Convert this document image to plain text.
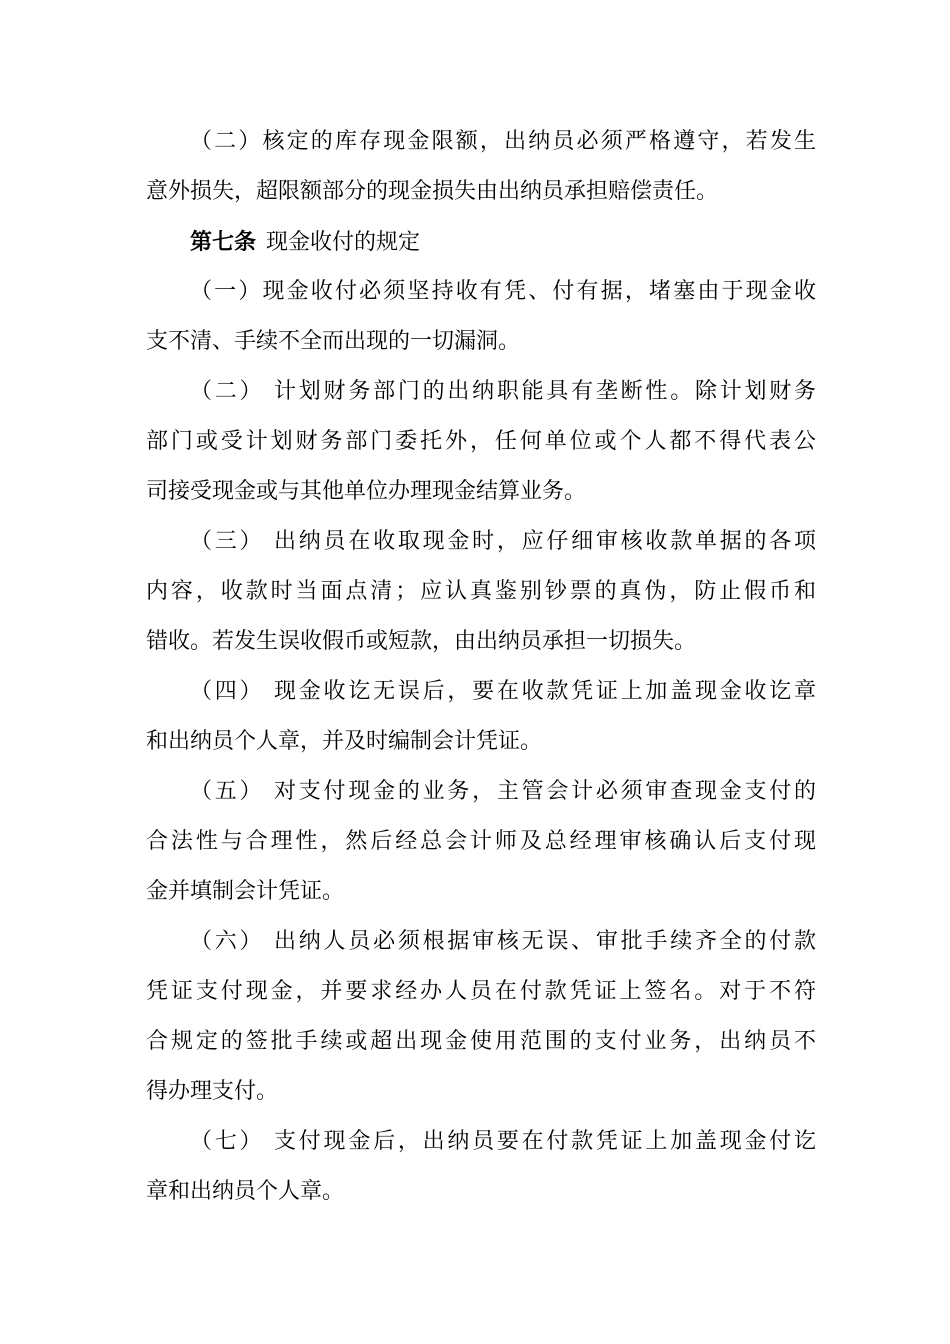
（二）核定的库存现金限额，出纳员必须严格遵守，若发生
意外损失，超限额部分的现金损失由出纳员承担赔偿责任。
第七条 现金收付的规定
（一）现金收付必须坚持收有凭、付有据，堵塞由于现金收
支不清、手续不全而出现的一切漏洞。
（二） 计划财务部门的出纳职能具有垄断性。除计划财务
部门或受计划财务部门委托外，任何单位或个人都不得代表公
司接受现金或与其他单位办理现金结算业务。
（三） 出纳员在收取现金时，应仔细审核收款单据的各项
内容，收款时当面点清；应认真鉴别钞票的真伪，防止假币和
错收。若发生误收假币或短款，由出纳员承担一切损失。
（四） 现金收讫无误后，要在收款凭证上加盖现金收讫章
和出纳员个人章，并及时编制会计凭证。
（五） 对支付现金的业务，主管会计必须审查现金支付的
合法性与合理性，然后经总会计师及总经理审核确认后支付现
金并填制会计凭证。
（六） 出纳人员必须根据审核无误、审批手续齐全的付款
凭证支付现金，并要求经办人员在付款凭证上签名。对于不符
合规定的签批手续或超出现金使用范围的支付业务，出纳员不
得办理支付。
（七） 支付现金后，出纳员要在付款凭证上加盖现金付讫
章和出纳员个人章。
